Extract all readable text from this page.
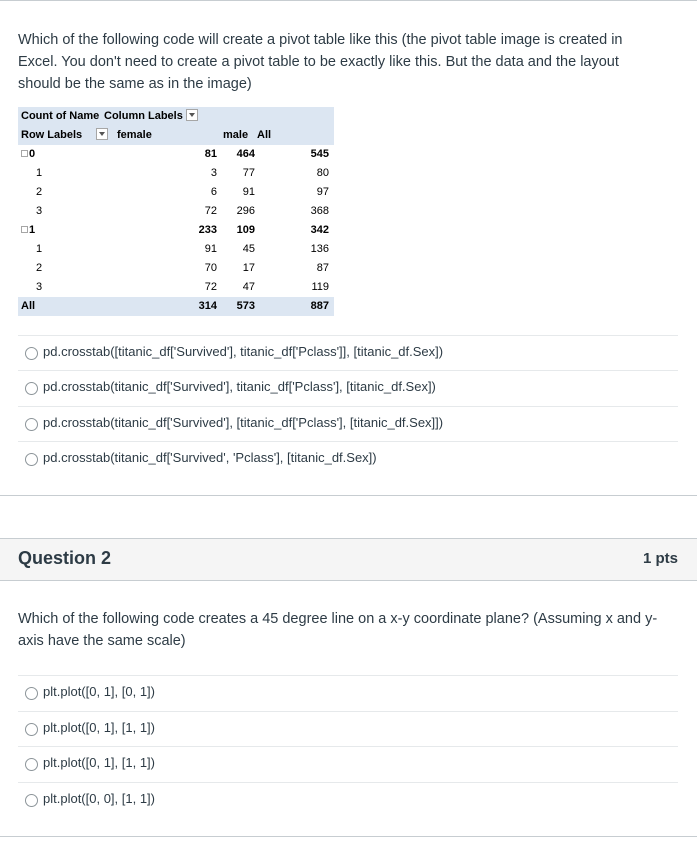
Which of the following code will create a pivot table like this (the pivot table image is created in Excel. You don't need to create a pivot table to be exactly like this. But the data and the layout should be the same as in the image)
Count of Name Column Labels
Row Labels	female	male All
0	81 464	545
1	3 77	80
2	6 91	97
3	72 296	368
1	233 109	342
1	91 45	136
2	70 17	87
3	72 47	119
All	314 573	887
pd.crosstab([titanic_df['Survived'], titanic_df['Pclass']], [titanic_df.Sex])
pd.crosstab(titanic_df['Survived'], titanic_df['Pclass'], [titanic_df.Sex])
pd.crosstab(titanic_df['Survived'], [titanic_df['Pclass'], [titanic_df.Sex]])
pd.crosstab(titanic_df['Survived', 'Pclass'], [titanic_df.Sex])
Question 2	1 pts
Which of the following code creates a 45 degree line on a x-y coordinate plane? (Assuming x and y-axis have the same scale)
plt.plot([0, 1], [0, 1])
plt.plot([0, 1], [1, 1])
plt.plot([0, 1], [1, 1])
plt.plot([0, 0], [1, 1])
